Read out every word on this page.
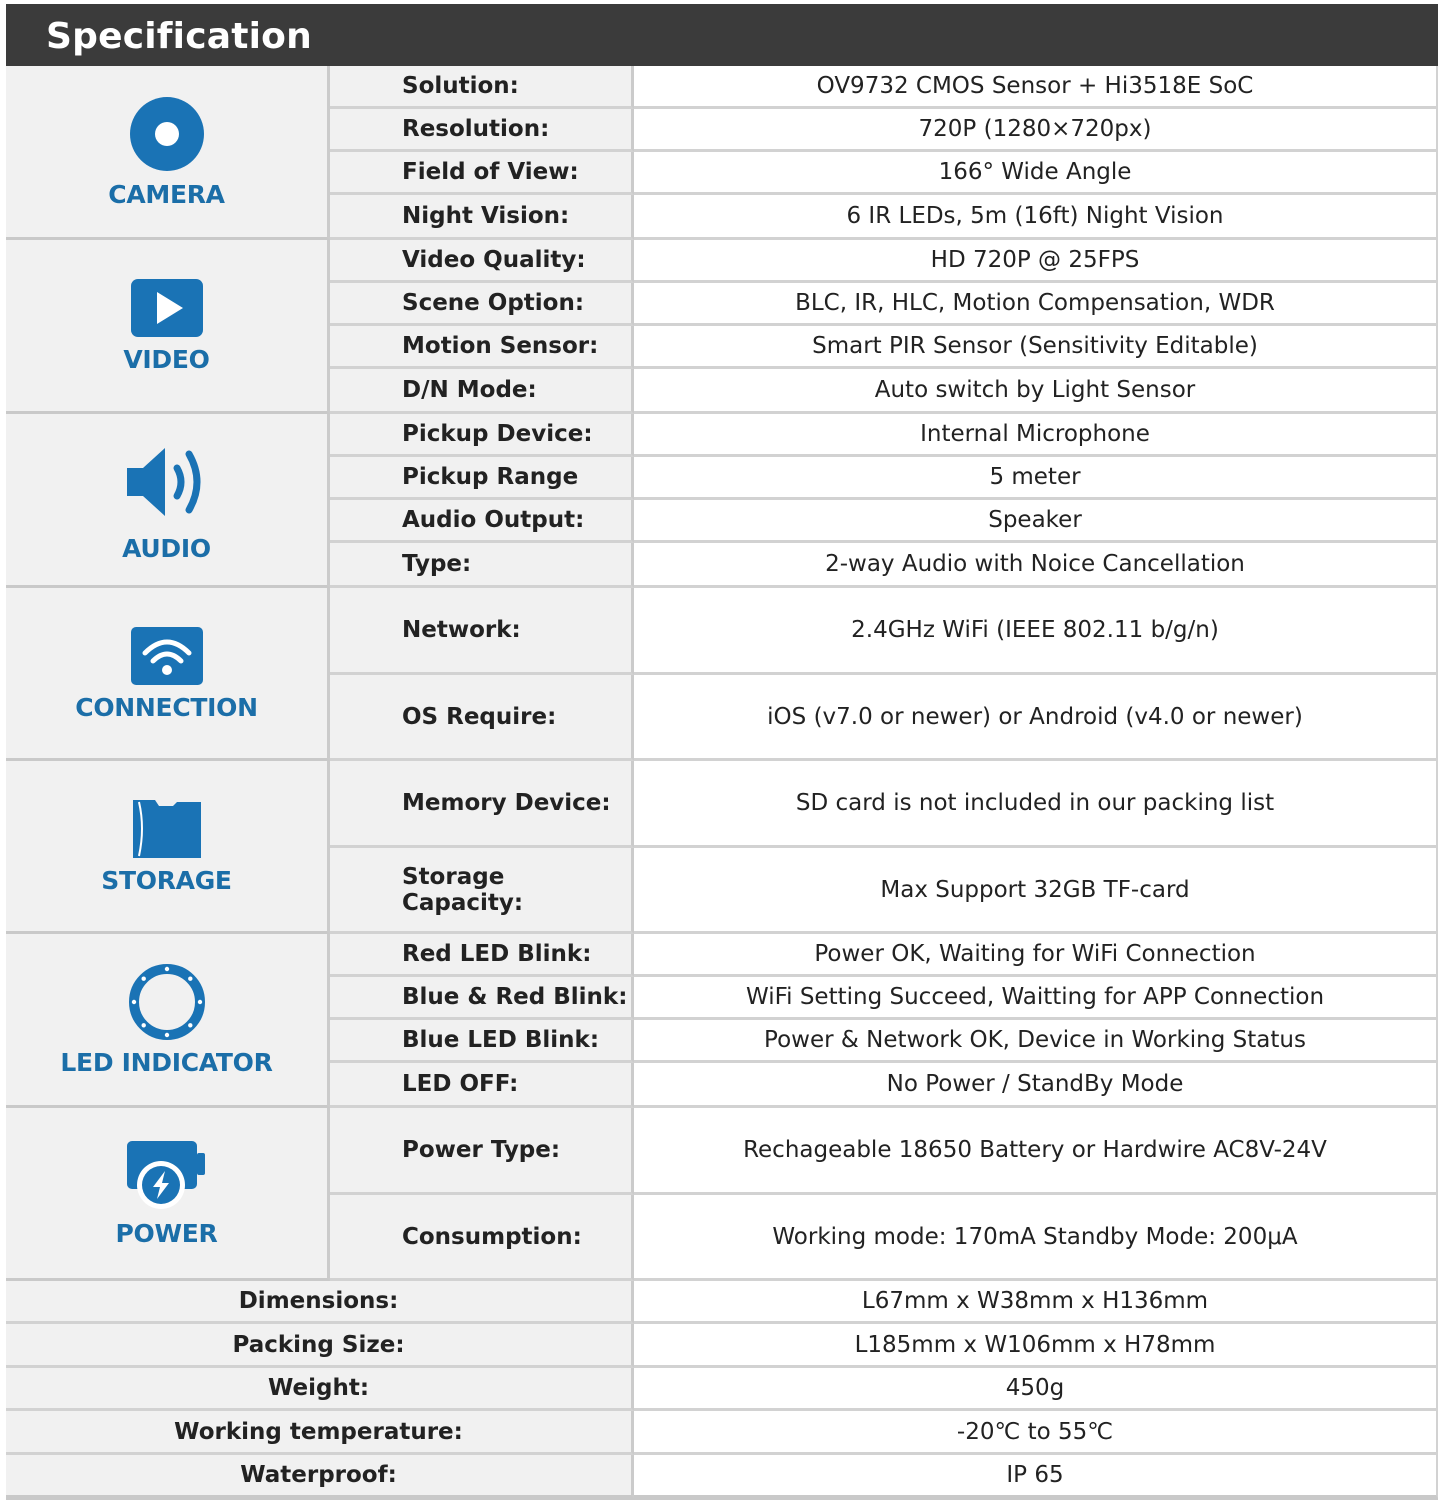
Specification
CAMERA
Solution:	OV9732 CMOS Sensor + Hi3518E SoC
Resolution:	720P (1280×720px)
Field of View:	166° Wide Angle
Night Vision:	6 IR LEDs, 5m (16ft) Night Vision
VIDEO
Video Quality:	HD 720P @ 25FPS
Scene Option:	BLC, IR, HLC, Motion Compensation, WDR
Motion Sensor:	Smart PIR Sensor (Sensitivity Editable)
D/N Mode:	Auto switch by Light Sensor
AUDIO
Pickup Device:	Internal Microphone
Pickup Range	5 meter
Audio Output:	Speaker
Type:	2-way Audio with Noice Cancellation
CONNECTION
Network:	2.4GHz WiFi (IEEE 802.11 b/g/n)
OS Require:	iOS (v7.0 or newer) or Android (v4.0 or newer)
STORAGE
Memory Device:	SD card is not included in our packing list
Storage Capacity:	Max Support 32GB TF-card
LED INDICATOR
Red LED Blink:	Power OK, Waiting for WiFi Connection
Blue & Red Blink:	WiFi Setting Succeed, Waitting for APP Connection
Blue LED Blink:	Power & Network OK, Device in Working Status
LED OFF:	No Power / StandBy Mode
POWER
Power Type:	Rechageable 18650 Battery or Hardwire AC8V-24V
Consumption:	Working mode: 170mA Standby Mode: 200μA
Dimensions:	L67mm x W38mm x H136mm
Packing Size:	L185mm x W106mm x H78mm
Weight:	450g
Working temperature:	-20℃ to 55℃
Waterproof:	IP 65
